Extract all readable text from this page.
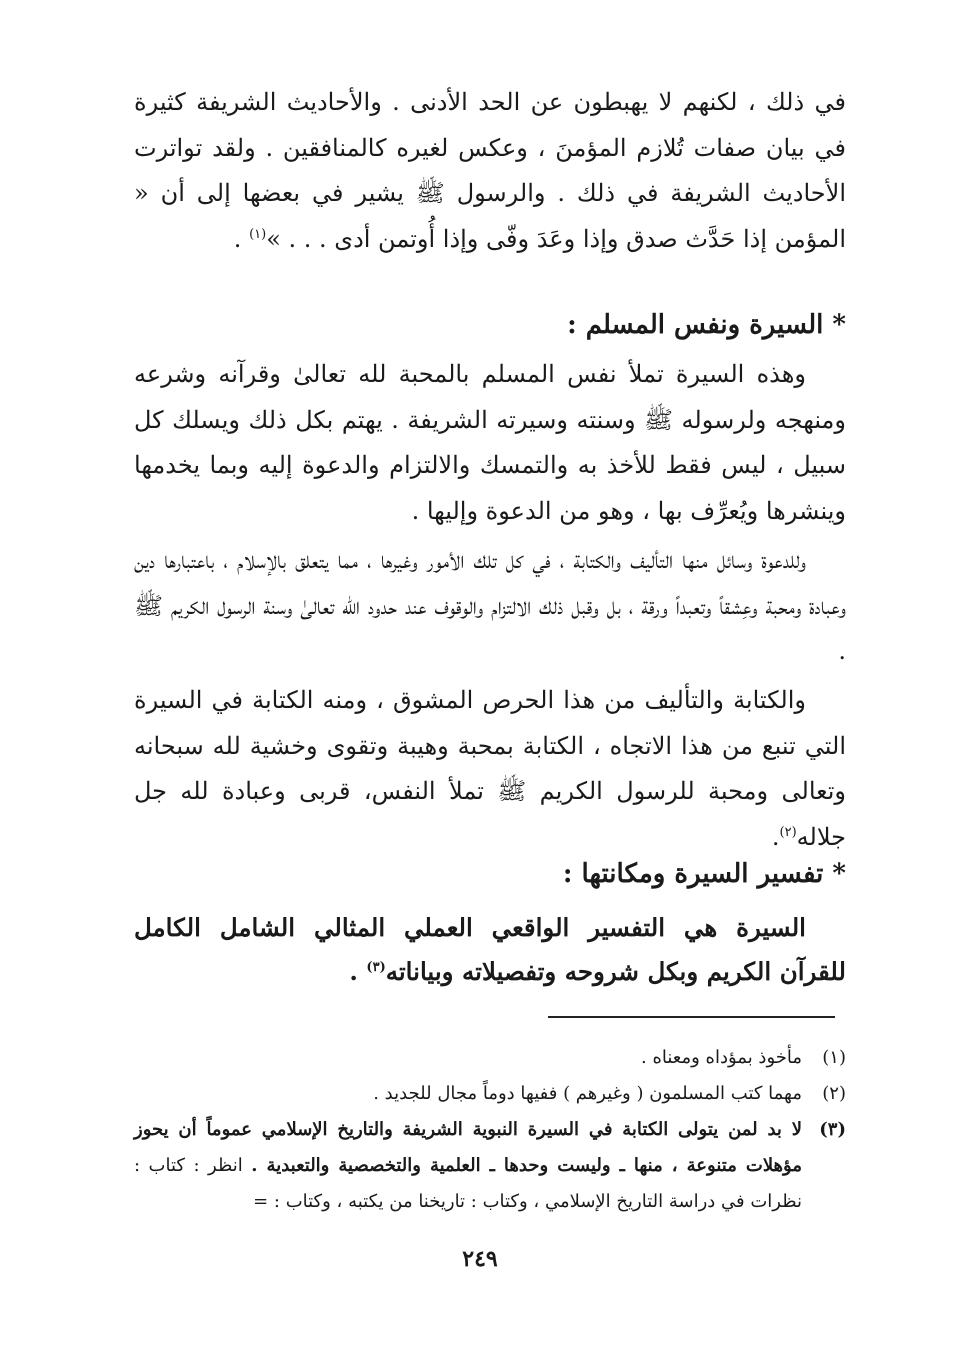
في ذلك ، لكنهم لا يهبطون عن الحد الأدنى . والأحاديث الشريفة كثيرة في بيان صفات تُلازم المؤمنَ ، وعكس لغيره كالمنافقين . ولقد تواترت الأحاديث الشريفة في ذلك . والرسول ﷺ يشير في بعضها إلى أن « المؤمن إذا حَدَّث صدق وإذا وعَدَ وفّى وإذا أُوتمن أدى . . . »$^{(١)}$ .

* السيرة ونفس المسلم :

وهذه السيرة تملأ نفس المسلم بالمحبة لله تعالىٰ وقرآنه وشرعه ومنهجه ولرسوله ﷺ وسنته وسيرته الشريفة . يهتم بكل ذلك ويسلك كل سبيل ، ليس فقط للأخذ به والتمسك والالتزام والدعوة إليه وبما يخدمها وينشرها ويُعرِّف بها ، وهو من الدعوة وإليها .

وللدعوة وسائل منها التأليف والكتابة ، في كل تلك الأمور وغيرها ، مما يتعلق بالإسلام ، باعتبارها دين وعبادة ومحبة وعِشقاً وتعبداً ورقة ، بل وقبل ذلك الالتزام والوقوف عند حدود الله تعالىٰ وسنة الرسول الكريم ﷺ .

والكتابة والتأليف من هذا الحرص المشوق ، ومنه الكتابة في السيرة التي تنبع من هذا الاتجاه ، الكتابة بمحبة وهيبة وتقوى وخشية لله سبحانه وتعالى ومحبة للرسول الكريم ﷺ تملأ النفس، قربى وعبادة لله جل جلاله$^{(٢)}$.

* تفسير السيرة ومكانتها :

السيرة هي التفسير الواقعي العملي المثالي الشامل الكامل للقرآن الكريم وبكل شروحه وتفصيلاته وبياناته$^{(٣)}$ .

(١)
مأخوذ بمؤداه ومعناه .
(٢)
مهما كتب المسلمون ( وغيرهم ) ففيها دوماً مجال للجديد .
(٣)
لا بد لمن يتولى الكتابة في السيرة النبوية الشريفة والتاريخ الإسلامي عموماً أن يحوز مؤهلات متنوعة ، منها ـ وليست وحدها ـ العلمية والتخصصية والتعبدية . انظر : كتاب : نظرات في دراسة التاريخ الإسلامي ، وكتاب : تاريخنا من يكتبه ، وكتاب : =
٢٤٩
